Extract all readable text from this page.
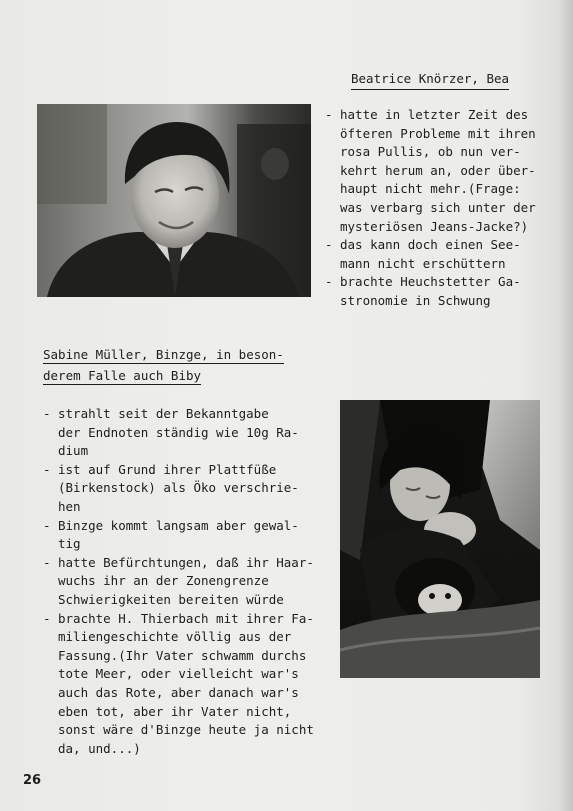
Beatrice Knörzer, Bea
- hatte in letzter Zeit des
öfteren Probleme mit ihren
rosa Pullis, ob nun ver-
kehrt herum an, oder über-
haupt nicht mehr.(Frage:
was verbarg sich unter der
mysteriösen Jeans-Jacke?)
- das kann doch einen See-
mann nicht erschüttern
- brachte Heuchstetter Ga-
stronomie in Schwung
Sabine Müller, Binzge, in beson-
derem Falle auch Biby
- strahlt seit der Bekanntgabe
der Endnoten ständig wie 10g Ra-
dium
- ist auf Grund ihrer Plattfüße
(Birkenstock) als Öko verschrie-
hen
- Binzge kommt langsam aber gewal-
tig
- hatte Befürchtungen, daß ihr Haar-
wuchs ihr an der Zonengrenze
Schwierigkeiten bereiten würde
- brachte H. Thierbach mit ihrer Fa-
miliengeschichte völlig aus der
Fassung.(Ihr Vater schwamm durchs
tote Meer, oder vielleicht war's
auch das Rote, aber danach war's
eben tot, aber ihr Vater nicht,
sonst wäre d'Binzge heute ja nicht
da, und...)
26
